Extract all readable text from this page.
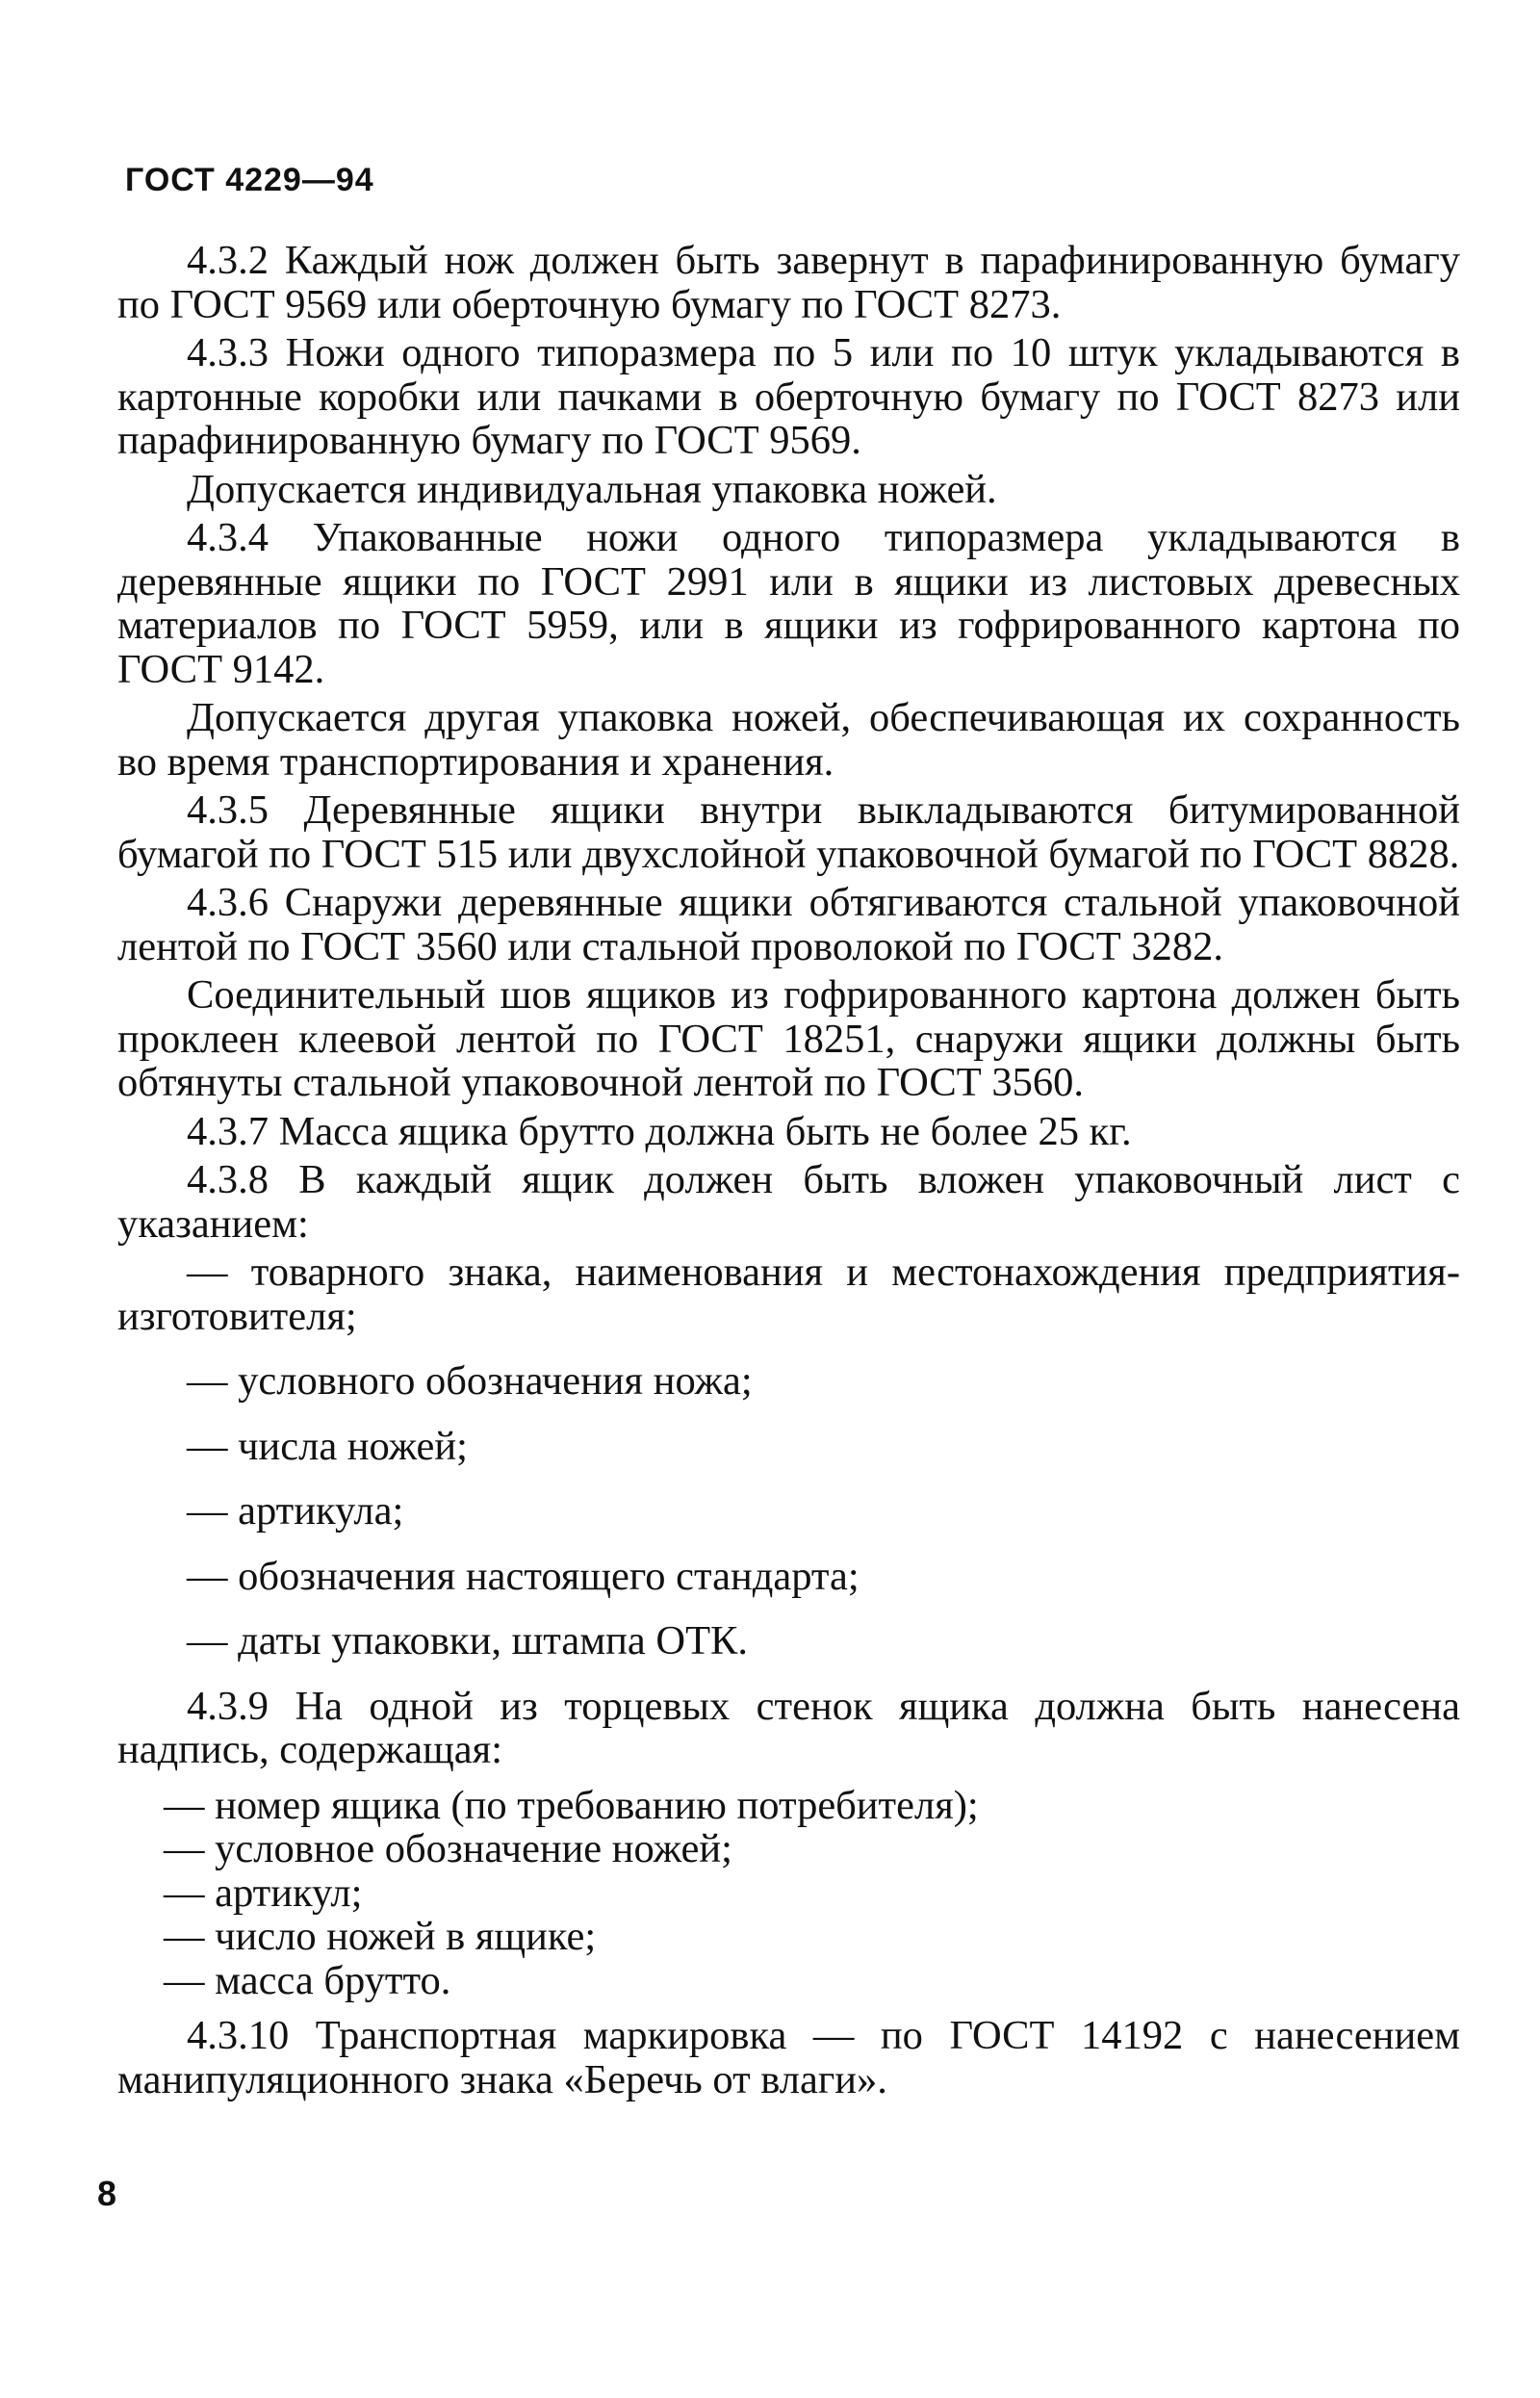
ГОСТ 4229—94

4.3.2 Каждый нож должен быть завернут в парафинированную бумагу по ГОСТ 9569 или оберточную бумагу по ГОСТ 8273.

4.3.3 Ножи одного типоразмера по 5 или по 10 штук укладываются в картонные коробки или пачками в оберточную бумагу по ГОСТ 8273 или парафинированную бумагу по ГОСТ 9569.

Допускается индивидуальная упаковка ножей.

4.3.4 Упакованные ножи одного типоразмера укладываются в деревянные ящики по ГОСТ 2991 или в ящики из листовых древесных материалов по ГОСТ 5959, или в ящики из гофрированного картона по ГОСТ 9142.

Допускается другая упаковка ножей, обеспечивающая их сохранность во время транспортирования и хранения.

4.3.5 Деревянные ящики внутри выкладываются битумированной бумагой по ГОСТ 515 или двухслойной упаковочной бумагой по ГОСТ 8828.

4.3.6 Снаружи деревянные ящики обтягиваются стальной упаковочной лентой по ГОСТ 3560 или стальной проволокой по ГОСТ 3282.

Соединительный шов ящиков из гофрированного картона должен быть проклеен клеевой лентой по ГОСТ 18251, снаружи ящики должны быть обтянуты стальной упаковочной лентой по ГОСТ 3560.

4.3.7 Масса ящика брутто должна быть не более 25 кг.

4.3.8 В каждый ящик должен быть вложен упаковочный лист с указанием:

— товарного знака, наименования и местонахождения предприятия-изготовителя;

— условного обозначения ножа;

— числа ножей;

— артикула;

— обозначения настоящего стандарта;

— даты упаковки, штампа ОТК.

4.3.9 На одной из торцевых стенок ящика должна быть нанесена надпись, содержащая:

— номер ящика (по требованию потребителя);

— условное обозначение ножей;

— артикул;

— число ножей в ящике;

— масса брутто.

4.3.10 Транспортная маркировка — по ГОСТ 14192 с нанесением манипуляционного знака «Беречь от влаги».

8
